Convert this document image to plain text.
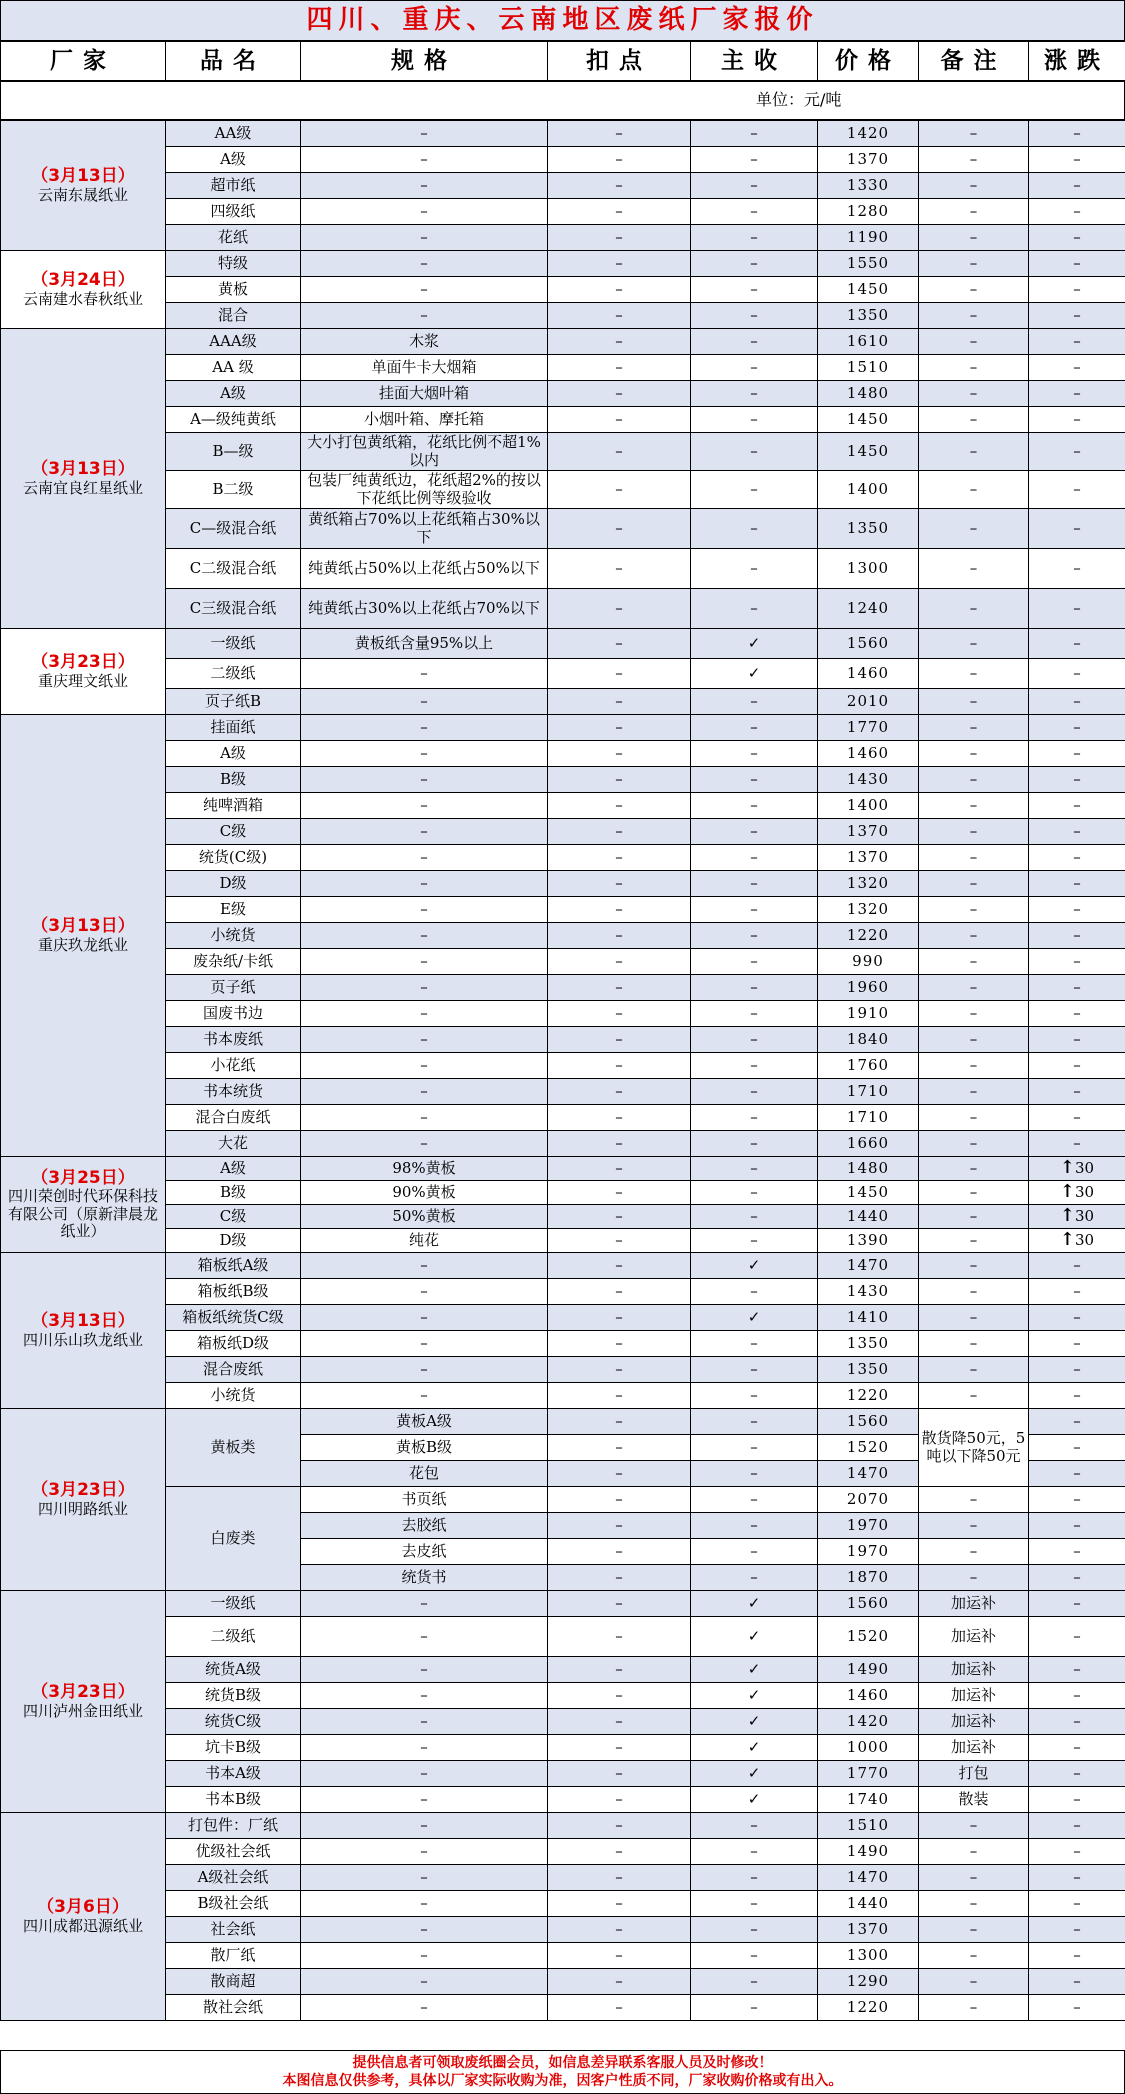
四川、重庆、云南地区废纸厂家报价
厂家	品名	规格	扣点	主收	价格	备注	涨跌
单位：元/吨
（3月13日）
云南东晟纸业	AA级	–	–	–	1420	–	–
	A级	–	–	–	1370	–	–
	超市纸	–	–	–	1330	–	–
	四级纸	–	–	–	1280	–	–
	花纸	–	–	–	1190	–	–

（3月24日）
云南建水春秋纸业	特级	–	–	–	1550	–	–
	黄板	–	–	–	1450	–	–
	混合	–	–	–	1350	–	–

（3月13日）
云南宜良红星纸业	AAA级	木浆	–	–	1610	–	–
	AA 级	单面牛卡大烟箱	–	–	1510	–	–
	A级	挂面大烟叶箱	–	–	1480	–	–
	A—级纯黄纸	小烟叶箱、摩托箱	–	–	1450	–	–
	B—级	大小打包黄纸箱，花纸比例不超1%以内	–	–	1450	–	–
	B二级	包装厂纯黄纸边，花纸超2%的按以下花纸比例等级验收	–	–	1400	–	–
	C—级混合纸	黄纸箱占70%以上花纸箱占30%以下	–	–	1350	–	–
	C二级混合纸	纯黄纸占50%以上花纸占50%以下	–	–	1300	–	–
	C三级混合纸	纯黄纸占30%以上花纸占70%以下	–	–	1240	–	–

（3月23日）
重庆理文纸业	一级纸	黄板纸含量95%以上	–	✓	1560	–	–
	二级纸	–	–	✓	1460	–	–
	页子纸B	–	–	–	2010	–	–

（3月13日）
重庆玖龙纸业	挂面纸	–	–	–	1770	–	–
	A级	–	–	–	1460	–	–
	B级	–	–	–	1430	–	–
	纯啤酒箱	–	–	–	1400	–	–
	C级	–	–	–	1370	–	–
	统货(C级)	–	–	–	1370	–	–
	D级	–	–	–	1320	–	–
	E级	–	–	–	1320	–	–
	小统货	–	–	–	1220	–	–
	废杂纸/卡纸	–	–	–	990	–	–
	页子纸	–	–	–	1960	–	–
	国废书边	–	–	–	1910	–	–
	书本废纸	–	–	–	1840	–	–
	小花纸	–	–	–	1760	–	–
	书本统货	–	–	–	1710	–	–
	混合白废纸	–	–	–	1710	–	–
	大花	–	–	–	1660	–	–

（3月25日）
四川荣创时代环保科技有限公司（原新津晨龙纸业）	A级	98%黄板	–	–	1480	–	↑30
	B级	90%黄板	–	–	1450	–	↑30
	C级	50%黄板	–	–	1440	–	↑30
	D级	纯花	–	–	1390	–	↑30

（3月13日）
四川乐山玖龙纸业	箱板纸A级	–	–	✓	1470	–	–
	箱板纸B级	–	–	–	1430	–	–
	箱板纸统货C级	–	–	✓	1410	–	–
	箱板纸D级	–	–	–	1350	–	–
	混合废纸	–	–	–	1350	–	–
	小统货	–	–	–	1220	–	–

（3月23日）
四川明路纸业	黄板类	黄板A级	–	–	1560	散货降50元，5吨以下降50元	–
		黄板B级	–	–	1520		–
		花包	–	–	1470		–
	白废类	书页纸	–	–	2070	–	–
		去胶纸	–	–	1970	–	–
		去皮纸	–	–	1970	–	–
		统货书	–	–	1870	–	–

（3月23日）
四川泸州金田纸业	一级纸	–	–	✓	1560	加运补	–
	二级纸	–	–	✓	1520	加运补	–
	统货A级	–	–	✓	1490	加运补	–
	统货B级	–	–	✓	1460	加运补	–
	统货C级	–	–	✓	1420	加运补	–
	坑卡B级	–	–	✓	1000	加运补	–
	书本A级	–	–	✓	1770	打包	–
	书本B级	–	–	✓	1740	散装	–

（3月6日）
四川成都迅源纸业	打包件：厂纸	–	–	–	1510	–	–
	优级社会纸	–	–	–	1490	–	–
	A级社会纸	–	–	–	1470	–	–
	B级社会纸	–	–	–	1440	–	–
	社会纸	–	–	–	1370	–	–
	散厂纸	–	–	–	1300	–	–
	散商超	–	–	–	1290	–	–
	散社会纸	–	–	–	1220	–	–
提供信息者可领取废纸圈会员，如信息差异联系客服人员及时修改！
本图信息仅供参考，具体以厂家实际收购为准，因客户性质不同，厂家收购价格或有出入。
